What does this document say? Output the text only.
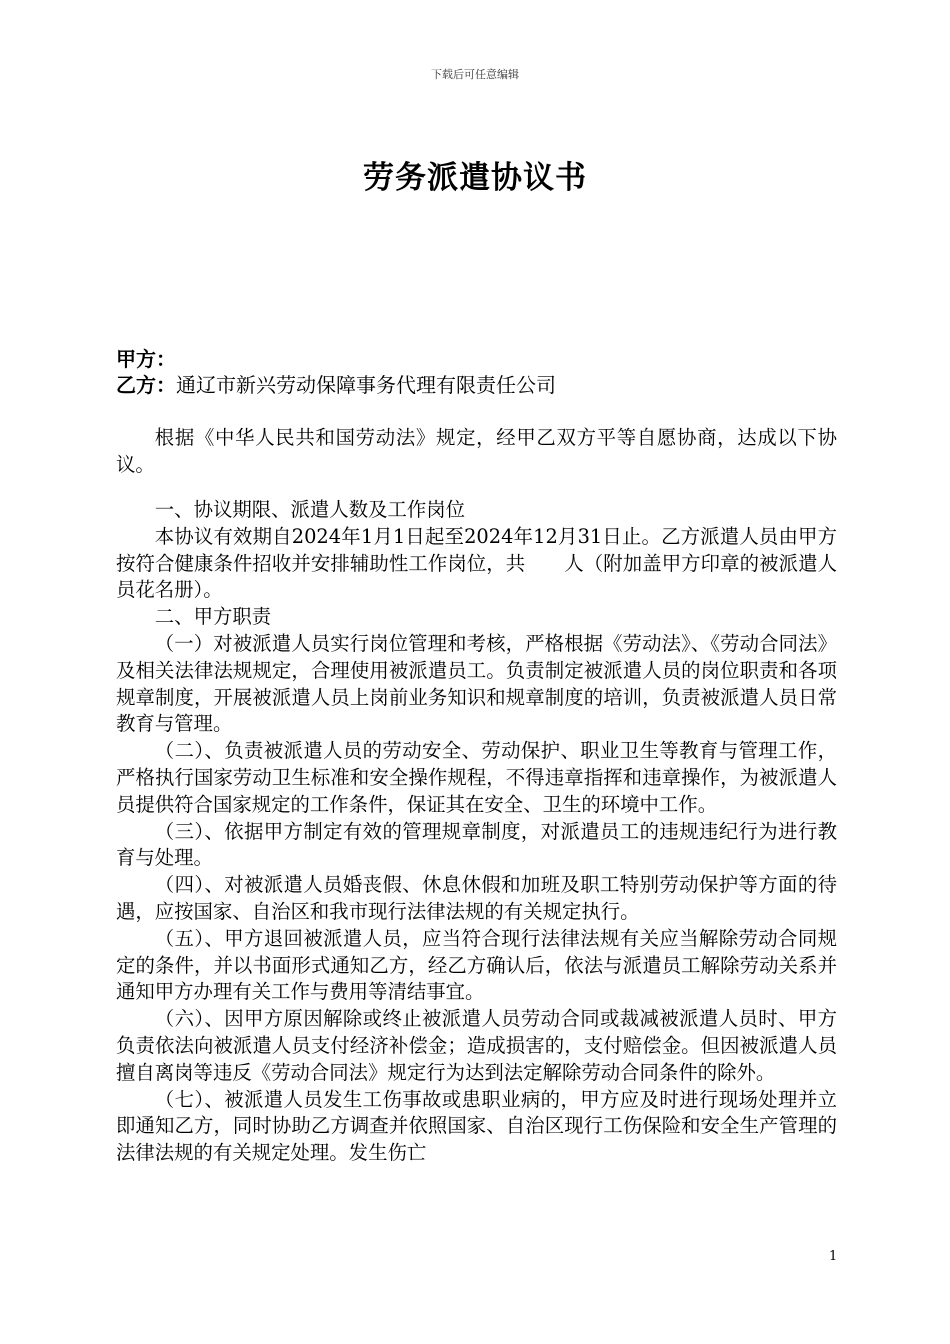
下载后可任意编辑
劳务派遣协议书
甲方：
乙方：通辽市新兴劳动保障事务代理有限责任公司

根据《中华人民共和国劳动法》规定，经甲乙双方平等自愿协商，达成以下协议。

一、协议期限、派遣人数及工作岗位

本协议有效期自2024年1月1日起至2024年12月31日止。乙方派遣人员由甲方按符合健康条件招收并安排辅助性工作岗位，共　　人（附加盖甲方印章的被派遣人员花名册）。

二、甲方职责

（一）对被派遣人员实行岗位管理和考核，严格根据《劳动法》、《劳动合同法》及相关法律法规规定，合理使用被派遣员工。负责制定被派遣人员的岗位职责和各项规章制度，开展被派遣人员上岗前业务知识和规章制度的培训，负责被派遣人员日常教育与管理。

（二）、负责被派遣人员的劳动安全、劳动保护、职业卫生等教育与管理工作，严格执行国家劳动卫生标准和安全操作规程，不得违章指挥和违章操作，为被派遣人员提供符合国家规定的工作条件，保证其在安全、卫生的环境中工作。

（三）、依据甲方制定有效的管理规章制度，对派遣员工的违规违纪行为进行教育与处理。

（四）、对被派遣人员婚丧假、休息休假和加班及职工特别劳动保护等方面的待遇，应按国家、自治区和我市现行法律法规的有关规定执行。

（五）、甲方退回被派遣人员，应当符合现行法律法规有关应当解除劳动合同规定的条件，并以书面形式通知乙方，经乙方确认后，依法与派遣员工解除劳动关系并通知甲方办理有关工作与费用等清结事宜。

（六）、因甲方原因解除或终止被派遣人员劳动合同或裁减被派遣人员时、甲方负责依法向被派遣人员支付经济补偿金；造成损害的，支付赔偿金。但因被派遣人员擅自离岗等违反《劳动合同法》规定行为达到法定解除劳动合同条件的除外。

（七）、被派遣人员发生工伤事故或患职业病的，甲方应及时进行现场处理并立即通知乙方，同时协助乙方调查并依照国家、自治区现行工伤保险和安全生产管理的法律法规的有关规定处理。发生伤亡

1
